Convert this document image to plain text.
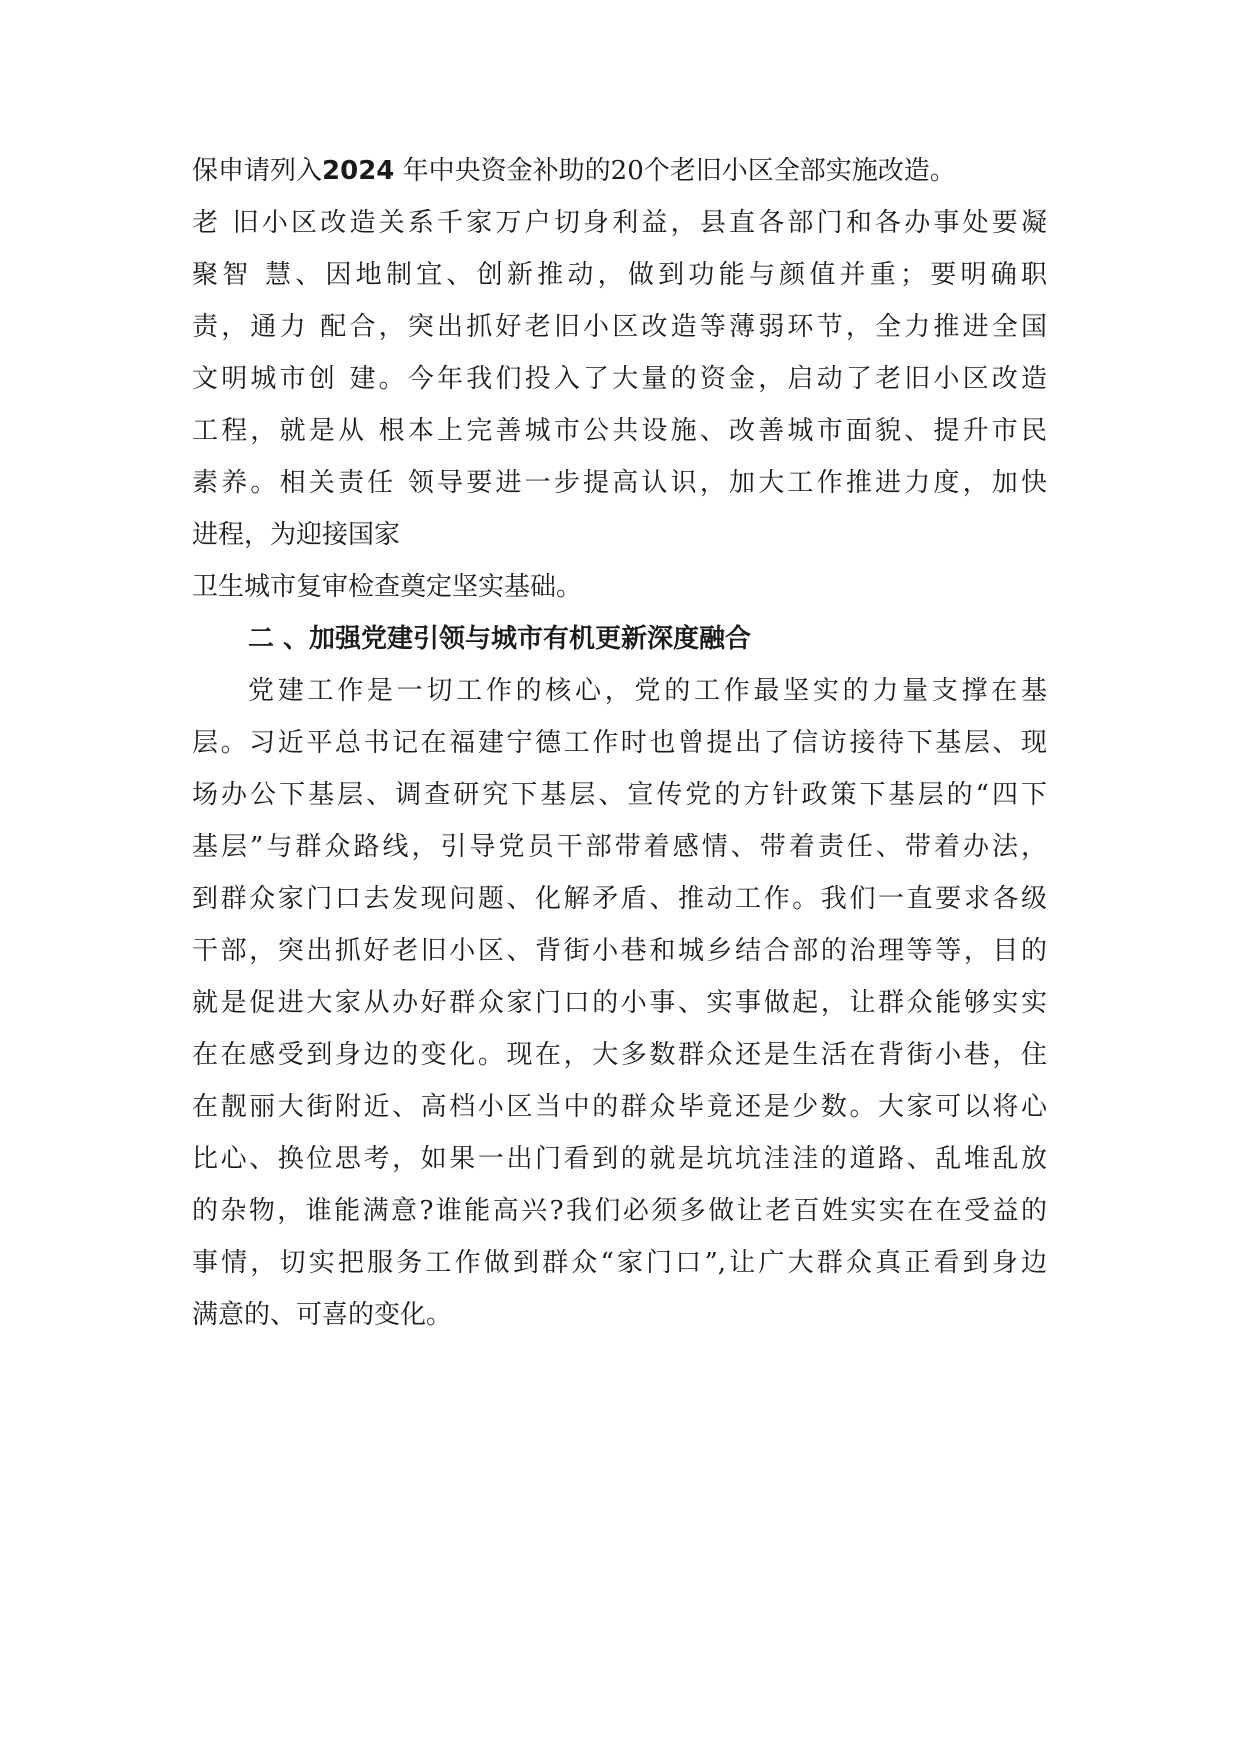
保申请列入2024 年中央资金补助的20个老旧小区全部实施改造。
老 旧小区改造关系千家万户切身利益，县直各部门和各办事处要凝
聚智 慧、因地制宜、创新推动，做到功能与颜值并重；要明确职
责，通力 配合，突出抓好老旧小区改造等薄弱环节，全力推进全国
文明城市创 建。今年我们投入了大量的资金，启动了老旧小区改造
工程，就是从 根本上完善城市公共设施、改善城市面貌、提升市民
素养。相关责任 领导要进一步提高认识，加大工作推进力度，加快
进程，为迎接国家
卫生城市复审检查奠定坚实基础。
二 、加强党建引领与城市有机更新深度融合
党建工作是一切工作的核心，党的工作最坚实的力量支撑在基
层。习近平总书记在福建宁德工作时也曾提出了信访接待下基层、现
场办公下基层、调查研究下基层、宣传党的方针政策下基层的“四下
基层”与群众路线，引导党员干部带着感情、带着责任、带着办法，
到群众家门口去发现问题、化解矛盾、推动工作。我们一直要求各级
干部，突出抓好老旧小区、背街小巷和城乡结合部的治理等等，目的
就是促进大家从办好群众家门口的小事、实事做起，让群众能够实实
在在感受到身边的变化。现在，大多数群众还是生活在背街小巷，住
在靓丽大街附近、高档小区当中的群众毕竟还是少数。大家可以将心
比心、换位思考，如果一出门看到的就是坑坑洼洼的道路、乱堆乱放
的杂物，谁能满意?谁能高兴?我们必须多做让老百姓实实在在受益的
事情，切实把服务工作做到群众“家门口”,让广大群众真正看到身边
满意的、可喜的变化。
